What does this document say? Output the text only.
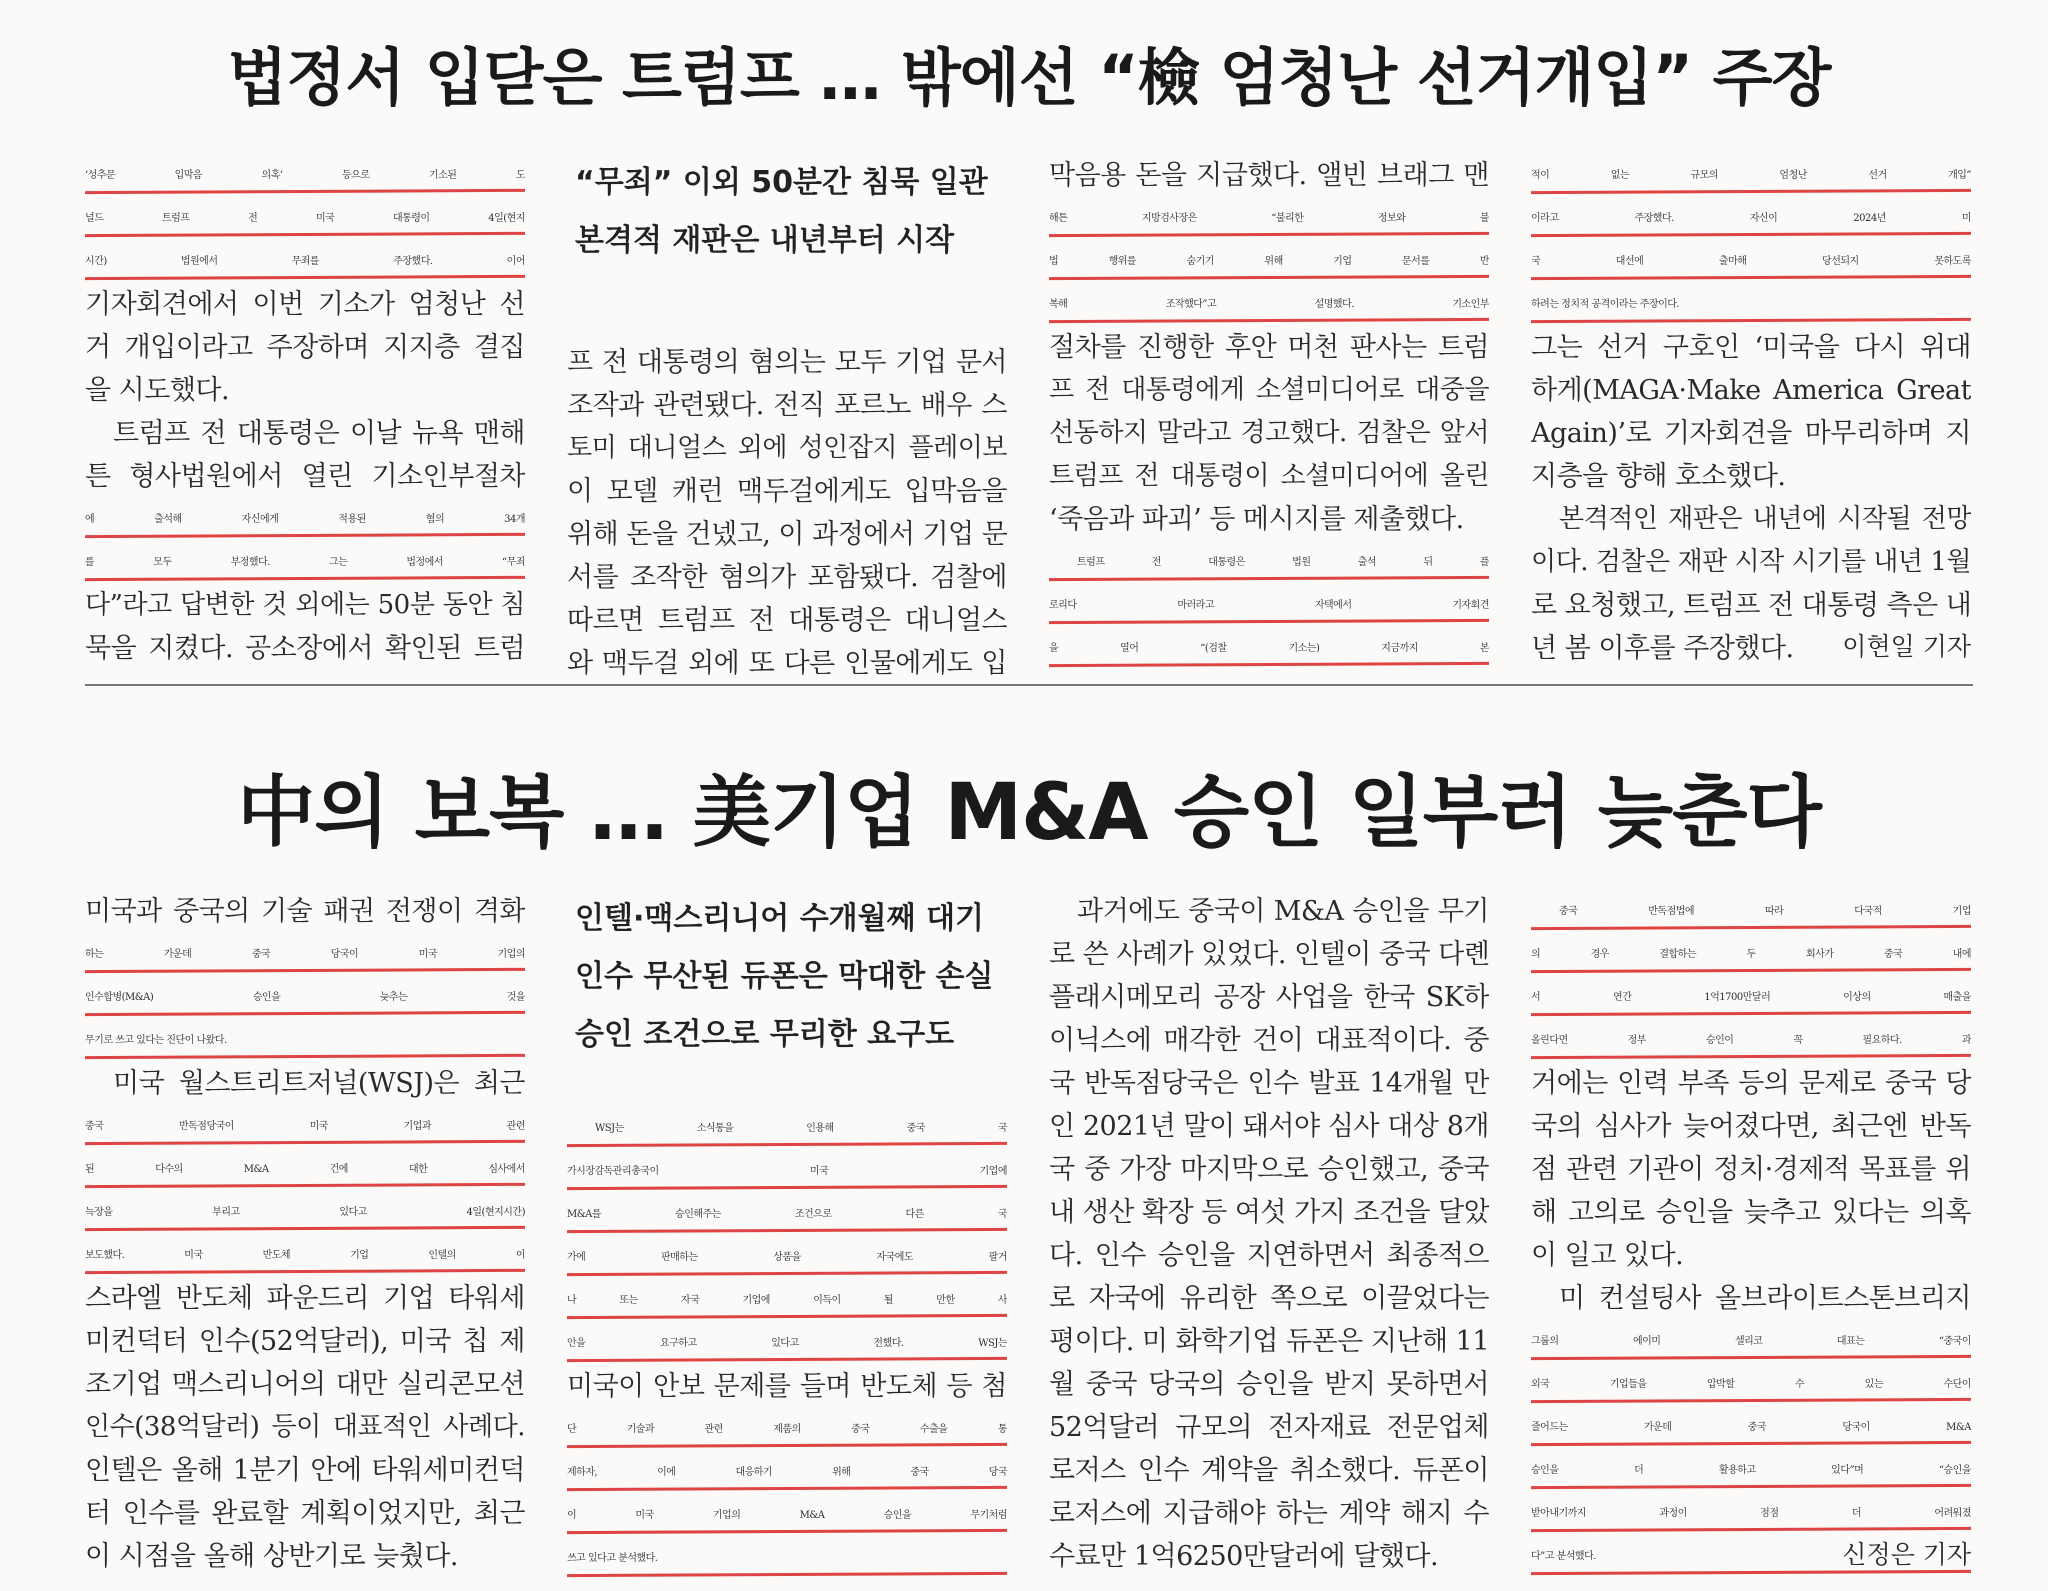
법정서 입닫은 트럼프 … 밖에선 “檢 엄청난 선거개입” 주장
‘성추문 입막음 의혹’ 등으로 기소된 도
널드 트럼프 전 미국 대통령이 4일(현지
시간) 법원에서 무죄를 주장했다. 이어
기자회견에서 이번 기소가 엄청난 선
거 개입이라고 주장하며 지지층 결집
을 시도했다.
트럼프 전 대통령은 이날 뉴욕 맨해
튼 형사법원에서 열린 기소인부절차
에 출석해 자신에게 적용된 혐의 34개
를 모두 부정했다. 그는 법정에서 “무죄
다”라고 답변한 것 외에는 50분 동안 침
묵을 지켰다. 공소장에서 확인된 트럼
“무죄” 이외 50분간 침묵 일관
본격적 재판은 내년부터 시작
프 전 대통령의 혐의는 모두 기업 문서
조작과 관련됐다. 전직 포르노 배우 스
토미 대니얼스 외에 성인잡지 플레이보
이 모델 캐런 맥두걸에게도 입막음을
위해 돈을 건넸고, 이 과정에서 기업 문
서를 조작한 혐의가 포함됐다. 검찰에
따르면 트럼프 전 대통령은 대니얼스
와 맥두걸 외에 또 다른 인물에게도 입
막음용 돈을 지급했다. 앨빈 브래그 맨
해튼 지방검사장은 “불리한 정보와 불
법 행위를 숨기기 위해 기업 문서를 반
복해 조작했다”고 설명했다. 기소인부
절차를 진행한 후안 머천 판사는 트럼
프 전 대통령에게 소셜미디어로 대중을
선동하지 말라고 경고했다. 검찰은 앞서
트럼프 전 대통령이 소셜미디어에 올린
‘죽음과 파괴’ 등 메시지를 제출했다.
트럼프 전 대통령은 법원 출석 뒤 플
로리다 마러라고 자택에서 기자회견
을 열어 “(검찰 기소는) 지금까지 본
적이 없는 규모의 엄청난 선거 개입”
이라고 주장했다. 자신이 2024년 미
국 대선에 출마해 당선되지 못하도록
하려는 정치적 공격이라는 주장이다.
그는 선거 구호인 ‘미국을 다시 위대
하게(MAGA·Make America Great
Again)’로 기자회견을 마무리하며 지
지층을 향해 호소했다.
본격적인 재판은 내년에 시작될 전망
이다. 검찰은 재판 시작 시기를 내년 1월
로 요청했고, 트럼프 전 대통령 측은 내
년 봄 이후를 주장했다.	이현일 기자
中의 보복 … 美기업 M&A 승인 일부러 늦춘다
미국과 중국의 기술 패권 전쟁이 격화
하는 가운데 중국 당국이 미국 기업의
인수합병(M&A) 승인을 늦추는 것을
무기로 쓰고 있다는 진단이 나왔다.
미국 월스트리트저널(WSJ)은 최근
중국 반독점당국이 미국 기업과 관련
된 다수의 M&A 건에 대한 심사에서
늑장을 부리고 있다고 4일(현지시간)
보도했다. 미국 반도체 기업 인텔의 이
스라엘 반도체 파운드리 기업 타워세
미컨덕터 인수(52억달러), 미국 칩 제
조기업 맥스리니어의 대만 실리콘모션
인수(38억달러) 등이 대표적인 사례다.
인텔은 올해 1분기 안에 타워세미컨덕
터 인수를 완료할 계획이었지만, 최근
이 시점을 올해 상반기로 늦췄다.
인텔·맥스리니어 수개월째 대기
인수 무산된 듀폰은 막대한 손실
승인 조건으로 무리한 요구도
WSJ는 소식통을 인용해 중국 국
가시장감독관리총국이 미국 기업에
M&A를 승인해주는 조건으로 다른 국
가에 판매하는 상품을 자국에도 팔거
나 또는 자국 기업에 이득이 될 만한 사
안을 요구하고 있다고 전했다. WSJ는
미국이 안보 문제를 들며 반도체 등 첨
단 기술과 관련 제품의 중국 수출을 통
제하자, 이에 대응하기 위해 중국 당국
이 미국 기업의 M&A 승인을 무기처럼
쓰고 있다고 분석했다.
과거에도 중국이 M&A 승인을 무기
로 쓴 사례가 있었다. 인텔이 중국 다롄
플래시메모리 공장 사업을 한국 SK하
이닉스에 매각한 건이 대표적이다. 중
국 반독점당국은 인수 발표 14개월 만
인 2021년 말이 돼서야 심사 대상 8개
국 중 가장 마지막으로 승인했고, 중국
내 생산 확장 등 여섯 가지 조건을 달았
다. 인수 승인을 지연하면서 최종적으
로 자국에 유리한 쪽으로 이끌었다는
평이다. 미 화학기업 듀폰은 지난해 11
월 중국 당국의 승인을 받지 못하면서
52억달러 규모의 전자재료 전문업체
로저스 인수 계약을 취소했다. 듀폰이
로저스에 지급해야 하는 계약 해지 수
수료만 1억6250만달러에 달했다.
중국 반독점법에 따라 다국적 기업
의 경우 결합하는 두 회사가 중국 내에
서 연간 1억1700만달러 이상의 매출을
올린다면 정부 승인이 꼭 필요하다. 과
거에는 인력 부족 등의 문제로 중국 당
국의 심사가 늦어졌다면, 최근엔 반독
점 관련 기관이 정치·경제적 목표를 위
해 고의로 승인을 늦추고 있다는 의혹
이 일고 있다.
미 컨설팅사 올브라이트스톤브리지
그룹의 에이미 셀리코 대표는 “중국이
외국 기업들을 압박할 수 있는 수단이
줄어드는 가운데 중국 당국이 M&A
승인을 더 활용하고 있다”며 “승인을
받아내기까지 과정이 점점 더 어려워졌
다”고 분석했다.	신정은 기자
